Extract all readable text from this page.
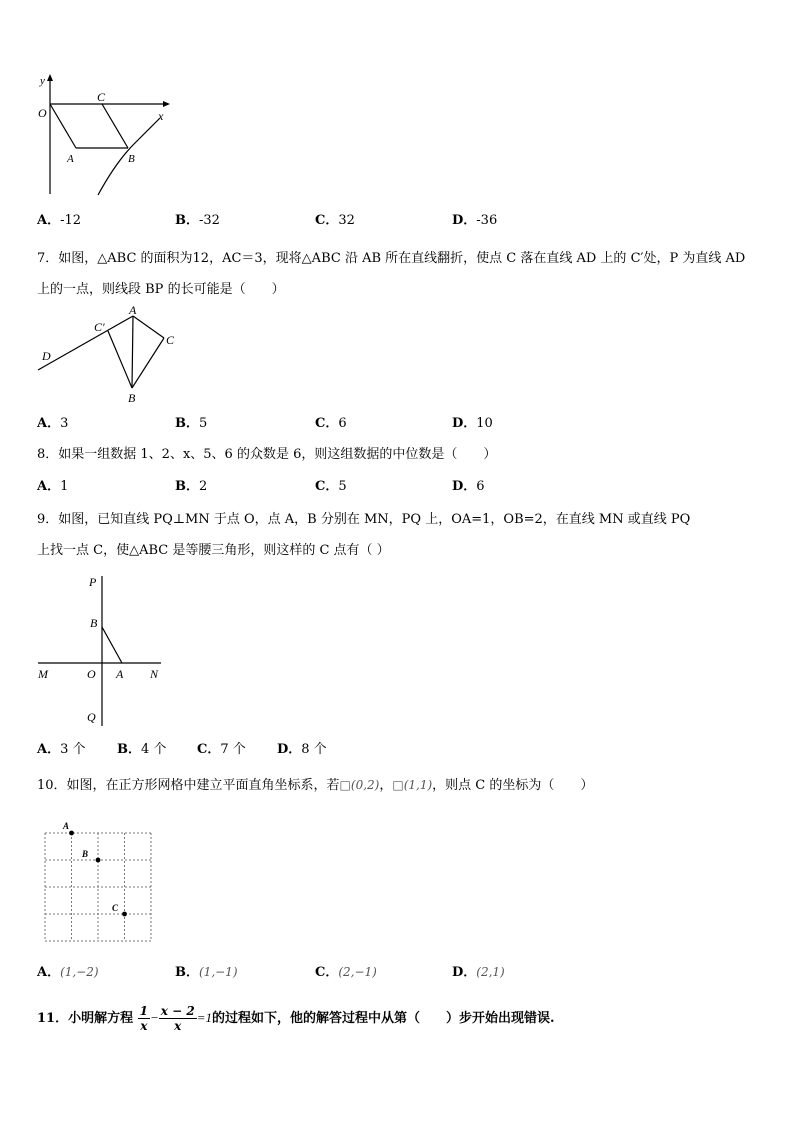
y
O	x
C
A	B
A．-12	B．-32	C．32	D．-36
7．如图，△ABC 的面积为12，AC＝3，现将△ABC 沿 AB 所在直线翻折，使点 C 落在直线 AD 上的 C′处，P 为直线 AD
上的一点，则线段 BP 的长可能是（　　）
A
C′
C
D
B
A．3	B．5	C．6	D．10
8．如果一组数据 1、2、x、5、6 的众数是 6，则这组数据的中位数是（　　）
A．1	B．2	C．5	D．6
9．如图，已知直线 PQ⊥MN 于点 O，点 A，B 分别在 MN，PQ 上，OA=1，OB=2，在直线 MN 或直线 PQ
上找一点 C，使△ABC 是等腰三角形，则这样的 C 点有（ ）
P
B
M	O A N
Q
A．3 个 B．4 个 C．7 个 D．8 个
10．如图，在正方形网格中建立平面直角坐标系，若□(0,2)，□(1,1)，则点 C 的坐标为（　　）
A
B
C
A．(1,−2)	B．(1,−1)	C．(2,−1)	D．(2,1)
11．小明解方程 $\frac{1}{x} - \frac{x - 2}{x} =1$的过程如下，他的解答过程中从第（　　）步开始出现错误.
